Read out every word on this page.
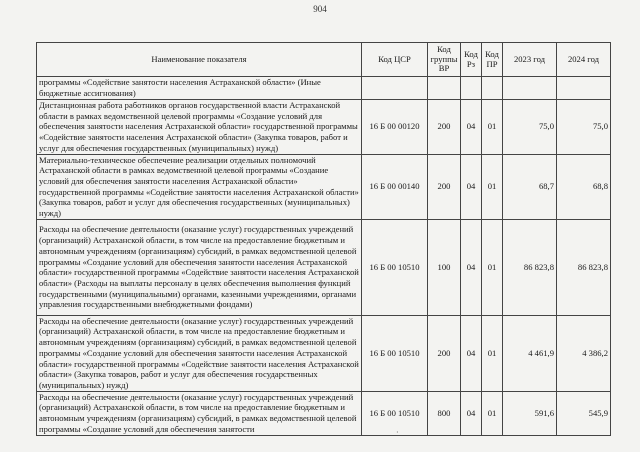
904
Наименование показателя	Код ЦСР	Код группы ВР	Код Рз	Код ПР	2023 год	2024 год
программы «Содействие занятости населения Астраханской области» (Иные бюджетные ассигнования)						
Дистанционная работа работников органов государственной власти Астраханской области в рамках ведомственной целевой программы «Создание условий для обеспечения занятости населения Астраханской области» государственной программы «Содействие занятости населения Астраханской области» (Закупка товаров, работ и услуг для обеспечения государственных (муниципальных) нужд)	16 Б 00 00120	200	04	01	75,0	75,0
Материально-техническое обеспечение реализации отдельных полномочий Астраханской области в рамках ведомственной целевой программы «Создание условий для обеспечения занятости населения Астраханской области» государственной программы «Содействие занятости населения Астраханской области» (Закупка товаров, работ и услуг для обеспечения государственных (муниципальных) нужд)	16 Б 00 00140	200	04	01	68,7	68,8
Расходы на обеспечение деятельности (оказание услуг) государственных учреждений (организаций) Астраханской области, в том числе на предоставление бюджетным и автономным учреждениям (организациям) субсидий, в рамках ведомственной целевой программы «Создание условий для обеспечения занятости населения Астраханской области» государственной программы «Содействие занятости населения Астраханской области» (Расходы на выплаты персоналу в целях обеспечения выполнения функций государственными (муниципальными) органами, казенными учреждениями, органами управления государственными внебюджетными фондами)	16 Б 00 10510	100	04	01	86 823,8	86 823,8
Расходы на обеспечение деятельности (оказание услуг) государственных учреждений (организаций) Астраханской области, в том числе на предоставление бюджетным и автономным учреждениям (организациям) субсидий, в рамках ведомственной целевой программы «Создание условий для обеспечения занятости населения Астраханской области» государственной программы «Содействие занятости населения Астраханской области» (Закупка товаров, работ и услуг для обеспечения государственных (муниципальных) нужд)	16 Б 00 10510	200	04	01	4 461,9	4 386,2
Расходы на обеспечение деятельности (оказание услуг) государственных учреждений (организаций) Астраханской области, в том числе на предоставление бюджетным и автономным учреждениям (организациям) субсидий, в рамках ведомственной целевой программы «Создание условий для обеспечения занятости	16 Б 00 10510	800	04	01	591,6	545,9
·
